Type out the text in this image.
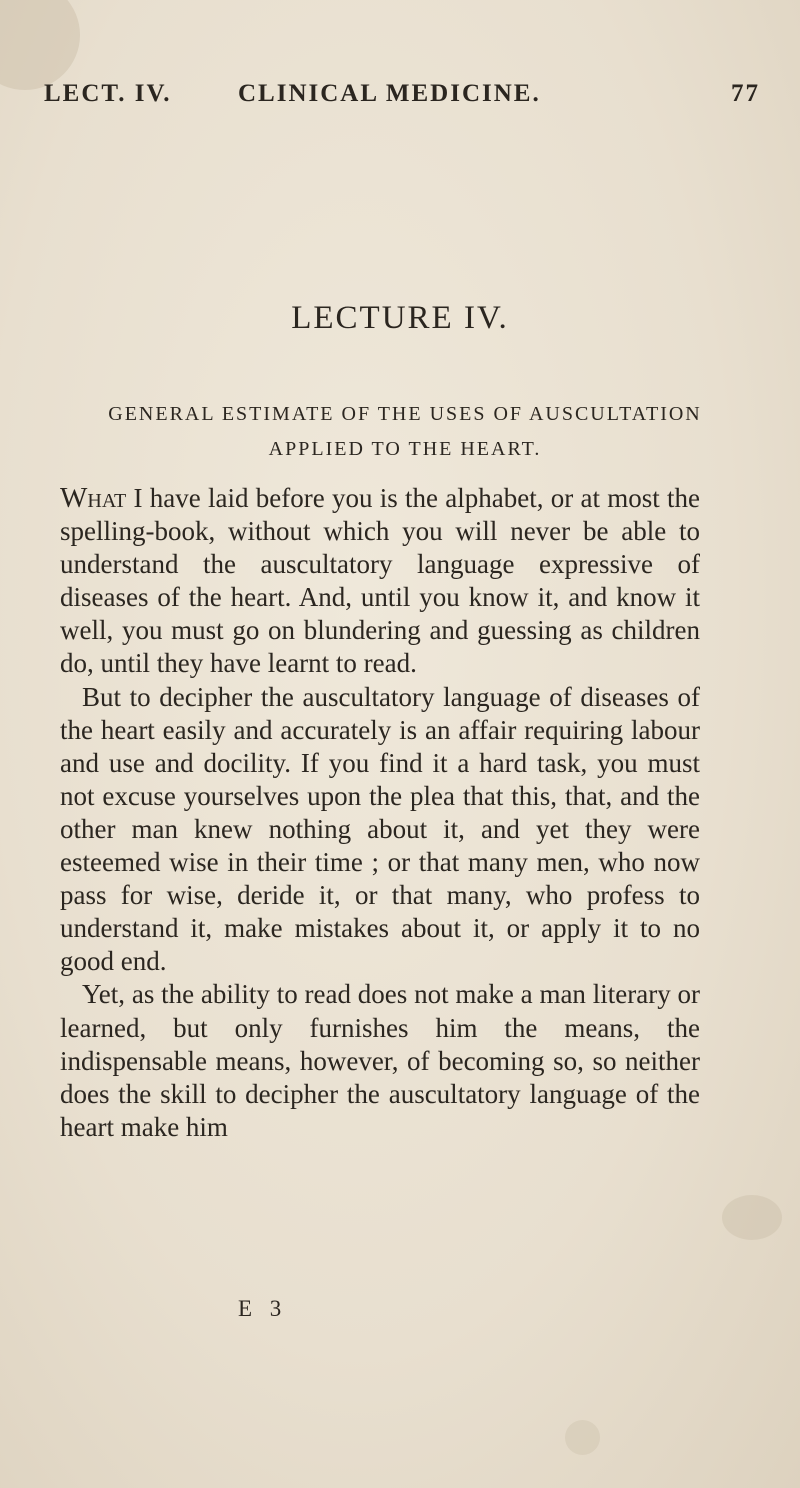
LECT. IV.	CLINICAL MEDICINE.	77
LECTURE IV.
GENERAL ESTIMATE OF THE USES OF AUSCULTATION
APPLIED TO THE HEART.

What I have laid before you is the alphabet, or at most the spelling-book, without which you will never be able to understand the auscultatory language expressive of diseases of the heart. And, until you know it, and know it well, you must go on blundering and guessing as children do, until they have learnt to read.

But to decipher the auscultatory language of diseases of the heart easily and accurately is an affair requiring labour and use and docility. If you find it a hard task, you must not excuse yourselves upon the plea that this, that, and the other man knew nothing about it, and yet they were esteemed wise in their time ; or that many men, who now pass for wise, deride it, or that many, who profess to understand it, make mistakes about it, or apply it to no good end.

Yet, as the ability to read does not make a man literary or learned, but only furnishes him the means, the indispensable means, however, of becoming so, so neither does the skill to decipher the auscultatory language of the heart make him

E 3
